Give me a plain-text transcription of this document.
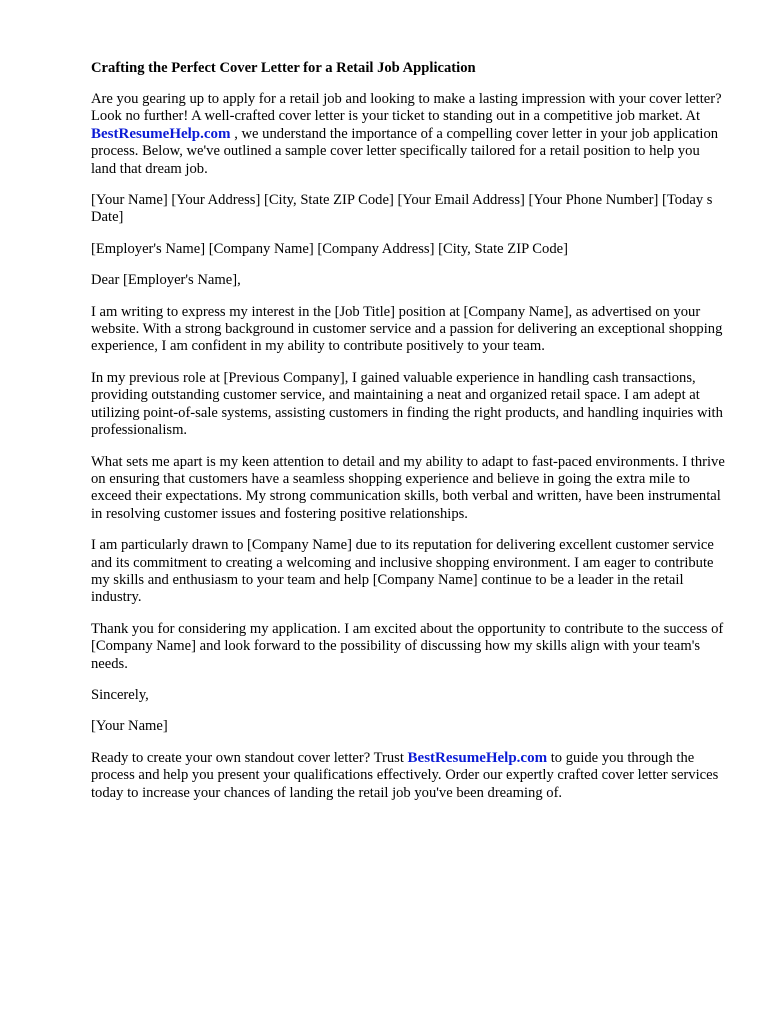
Crafting the Perfect Cover Letter for a Retail Job Application

Are you gearing up to apply for a retail job and looking to make a lasting impression with your cover letter? Look no further! A well-crafted cover letter is your ticket to standing out in a competitive job market. At BestResumeHelp.com , we understand the importance of a compelling cover letter in your job application process. Below, we've outlined a sample cover letter specifically tailored for a retail position to help you land that dream job.

[Your Name] [Your Address] [City, State ZIP Code] [Your Email Address] [Your Phone Number] [Today s Date]

[Employer's Name] [Company Name] [Company Address] [City, State ZIP Code]

Dear [Employer's Name],

I am writing to express my interest in the [Job Title] position at [Company Name], as advertised on your website. With a strong background in customer service and a passion for delivering an exceptional shopping experience, I am confident in my ability to contribute positively to your team.

In my previous role at [Previous Company], I gained valuable experience in handling cash transactions, providing outstanding customer service, and maintaining a neat and organized retail space. I am adept at utilizing point-of-sale systems, assisting customers in finding the right products, and handling inquiries with professionalism.

What sets me apart is my keen attention to detail and my ability to adapt to fast-paced environments. I thrive on ensuring that customers have a seamless shopping experience and believe in going the extra mile to exceed their expectations. My strong communication skills, both verbal and written, have been instrumental in resolving customer issues and fostering positive relationships.

I am particularly drawn to [Company Name] due to its reputation for delivering excellent customer service and its commitment to creating a welcoming and inclusive shopping environment. I am eager to contribute my skills and enthusiasm to your team and help [Company Name] continue to be a leader in the retail industry.

Thank you for considering my application. I am excited about the opportunity to contribute to the success of [Company Name] and look forward to the possibility of discussing how my skills align with your team's needs.

Sincerely,

[Your Name]

Ready to create your own standout cover letter? Trust BestResumeHelp.com to guide you through the process and help you present your qualifications effectively. Order our expertly crafted cover letter services today to increase your chances of landing the retail job you've been dreaming of.
